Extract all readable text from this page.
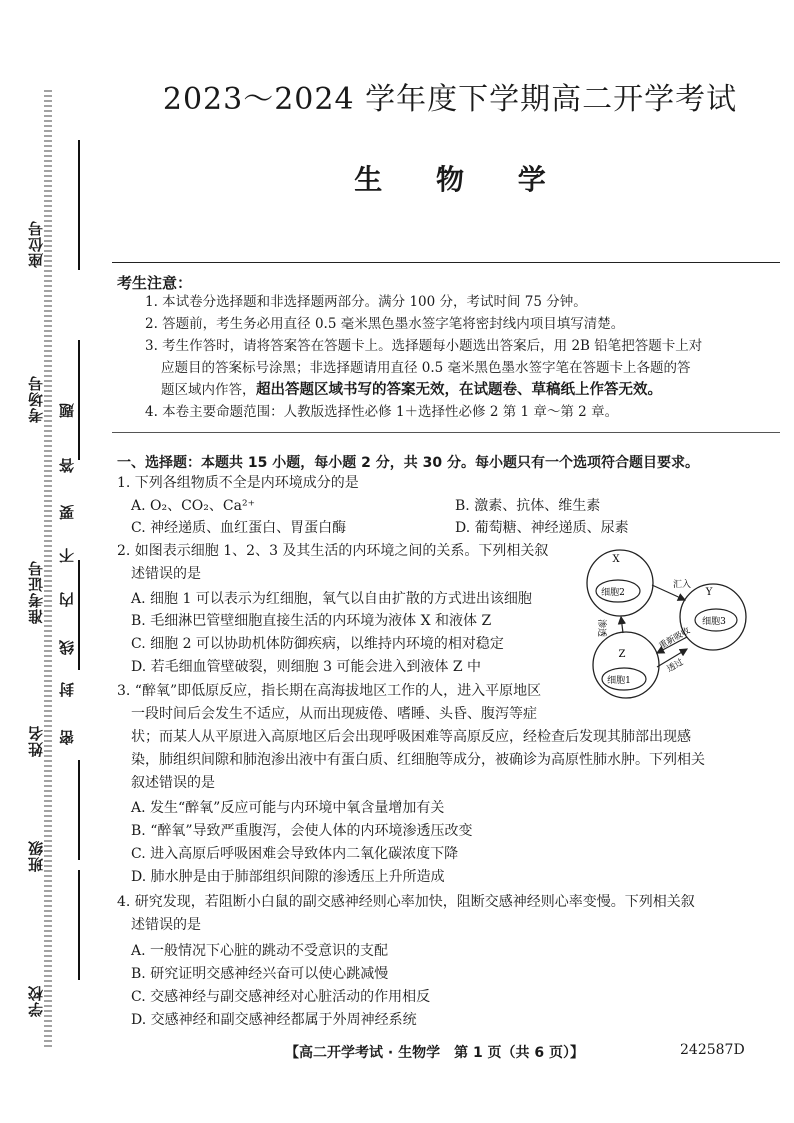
座位号
考场号
准考证号
姓名
班级
学校
题
答
要
不
内
线
封
密
2023～2024 学年度下学期高二开学考试
生 物 学
考生注意：
1. 本试卷分选择题和非选择题两部分。满分 100 分，考试时间 75 分钟。
2. 答题前，考生务必用直径 0.5 毫米黑色墨水签字笔将密封线内项目填写清楚。
3. 考生作答时，请将答案答在答题卡上。选择题每小题选出答案后，用 2B 铅笔把答题卡上对
应题目的答案标号涂黑；非选择题请用直径 0.5 毫米黑色墨水签字笔在答题卡上各题的答
题区域内作答， 超出答题区域书写的答案无效，在试题卷、草稿纸上作答无效。
4. 本卷主要命题范围：人教版选择性必修 1＋选择性必修 2 第 1 章～第 2 章。
一、选择题：本题共 15 小题，每小题 2 分，共 30 分。每小题只有一个选项符合题目要求。
1. 下列各组物质不全是内环境成分的是
A. O₂、CO₂、Ca²⁺	B. 激素、抗体、维生素
C. 神经递质、血红蛋白、胃蛋白酶	D. 葡萄糖、神经递质、尿素
2. 如图表示细胞 1、2、3 及其生活的内环境之间的关系。下列相关叙
述错误的是
A. 细胞 1 可以表示为红细胞，氧气以自由扩散的方式进出该细胞
B. 毛细淋巴管壁细胞直接生活的内环境为液体 X 和液体 Z
C. 细胞 2 可以协助机体防御疾病，以维持内环境的相对稳定
D. 若毛细血管壁破裂，则细胞 3 可能会进入到液体 Z 中
X
细胞2	Y
细胞3
Z
细胞1
汇入
渗透	重新吸收
透过
3. “醉氧”即低原反应，指长期在高海拔地区工作的人，进入平原地区
一段时间后会发生不适应，从而出现疲倦、嗜睡、头昏、腹泻等症
状；而某人从平原进入高原地区后会出现呼吸困难等高原反应，经检查后发现其肺部出现感
染，肺组织间隙和肺泡渗出液中有蛋白质、红细胞等成分，被确诊为高原性肺水肿。下列相关
叙述错误的是
A. 发生“醉氧”反应可能与内环境中氧含量增加有关
B. “醉氧”导致严重腹泻，会使人体的内环境渗透压改变
C. 进入高原后呼吸困难会导致体内二氧化碳浓度下降
D. 肺水肿是由于肺部组织间隙的渗透压上升所造成
4. 研究发现，若阻断小白鼠的副交感神经则心率加快，阻断交感神经则心率变慢。下列相关叙
述错误的是
A. 一般情况下心脏的跳动不受意识的支配
B. 研究证明交感神经兴奋可以使心跳减慢
C. 交感神经与副交感神经对心脏活动的作用相反
D. 交感神经和副交感神经都属于外周神经系统
【高二开学考试 · 生物学　第 1 页（共 6 页）】	242587D
